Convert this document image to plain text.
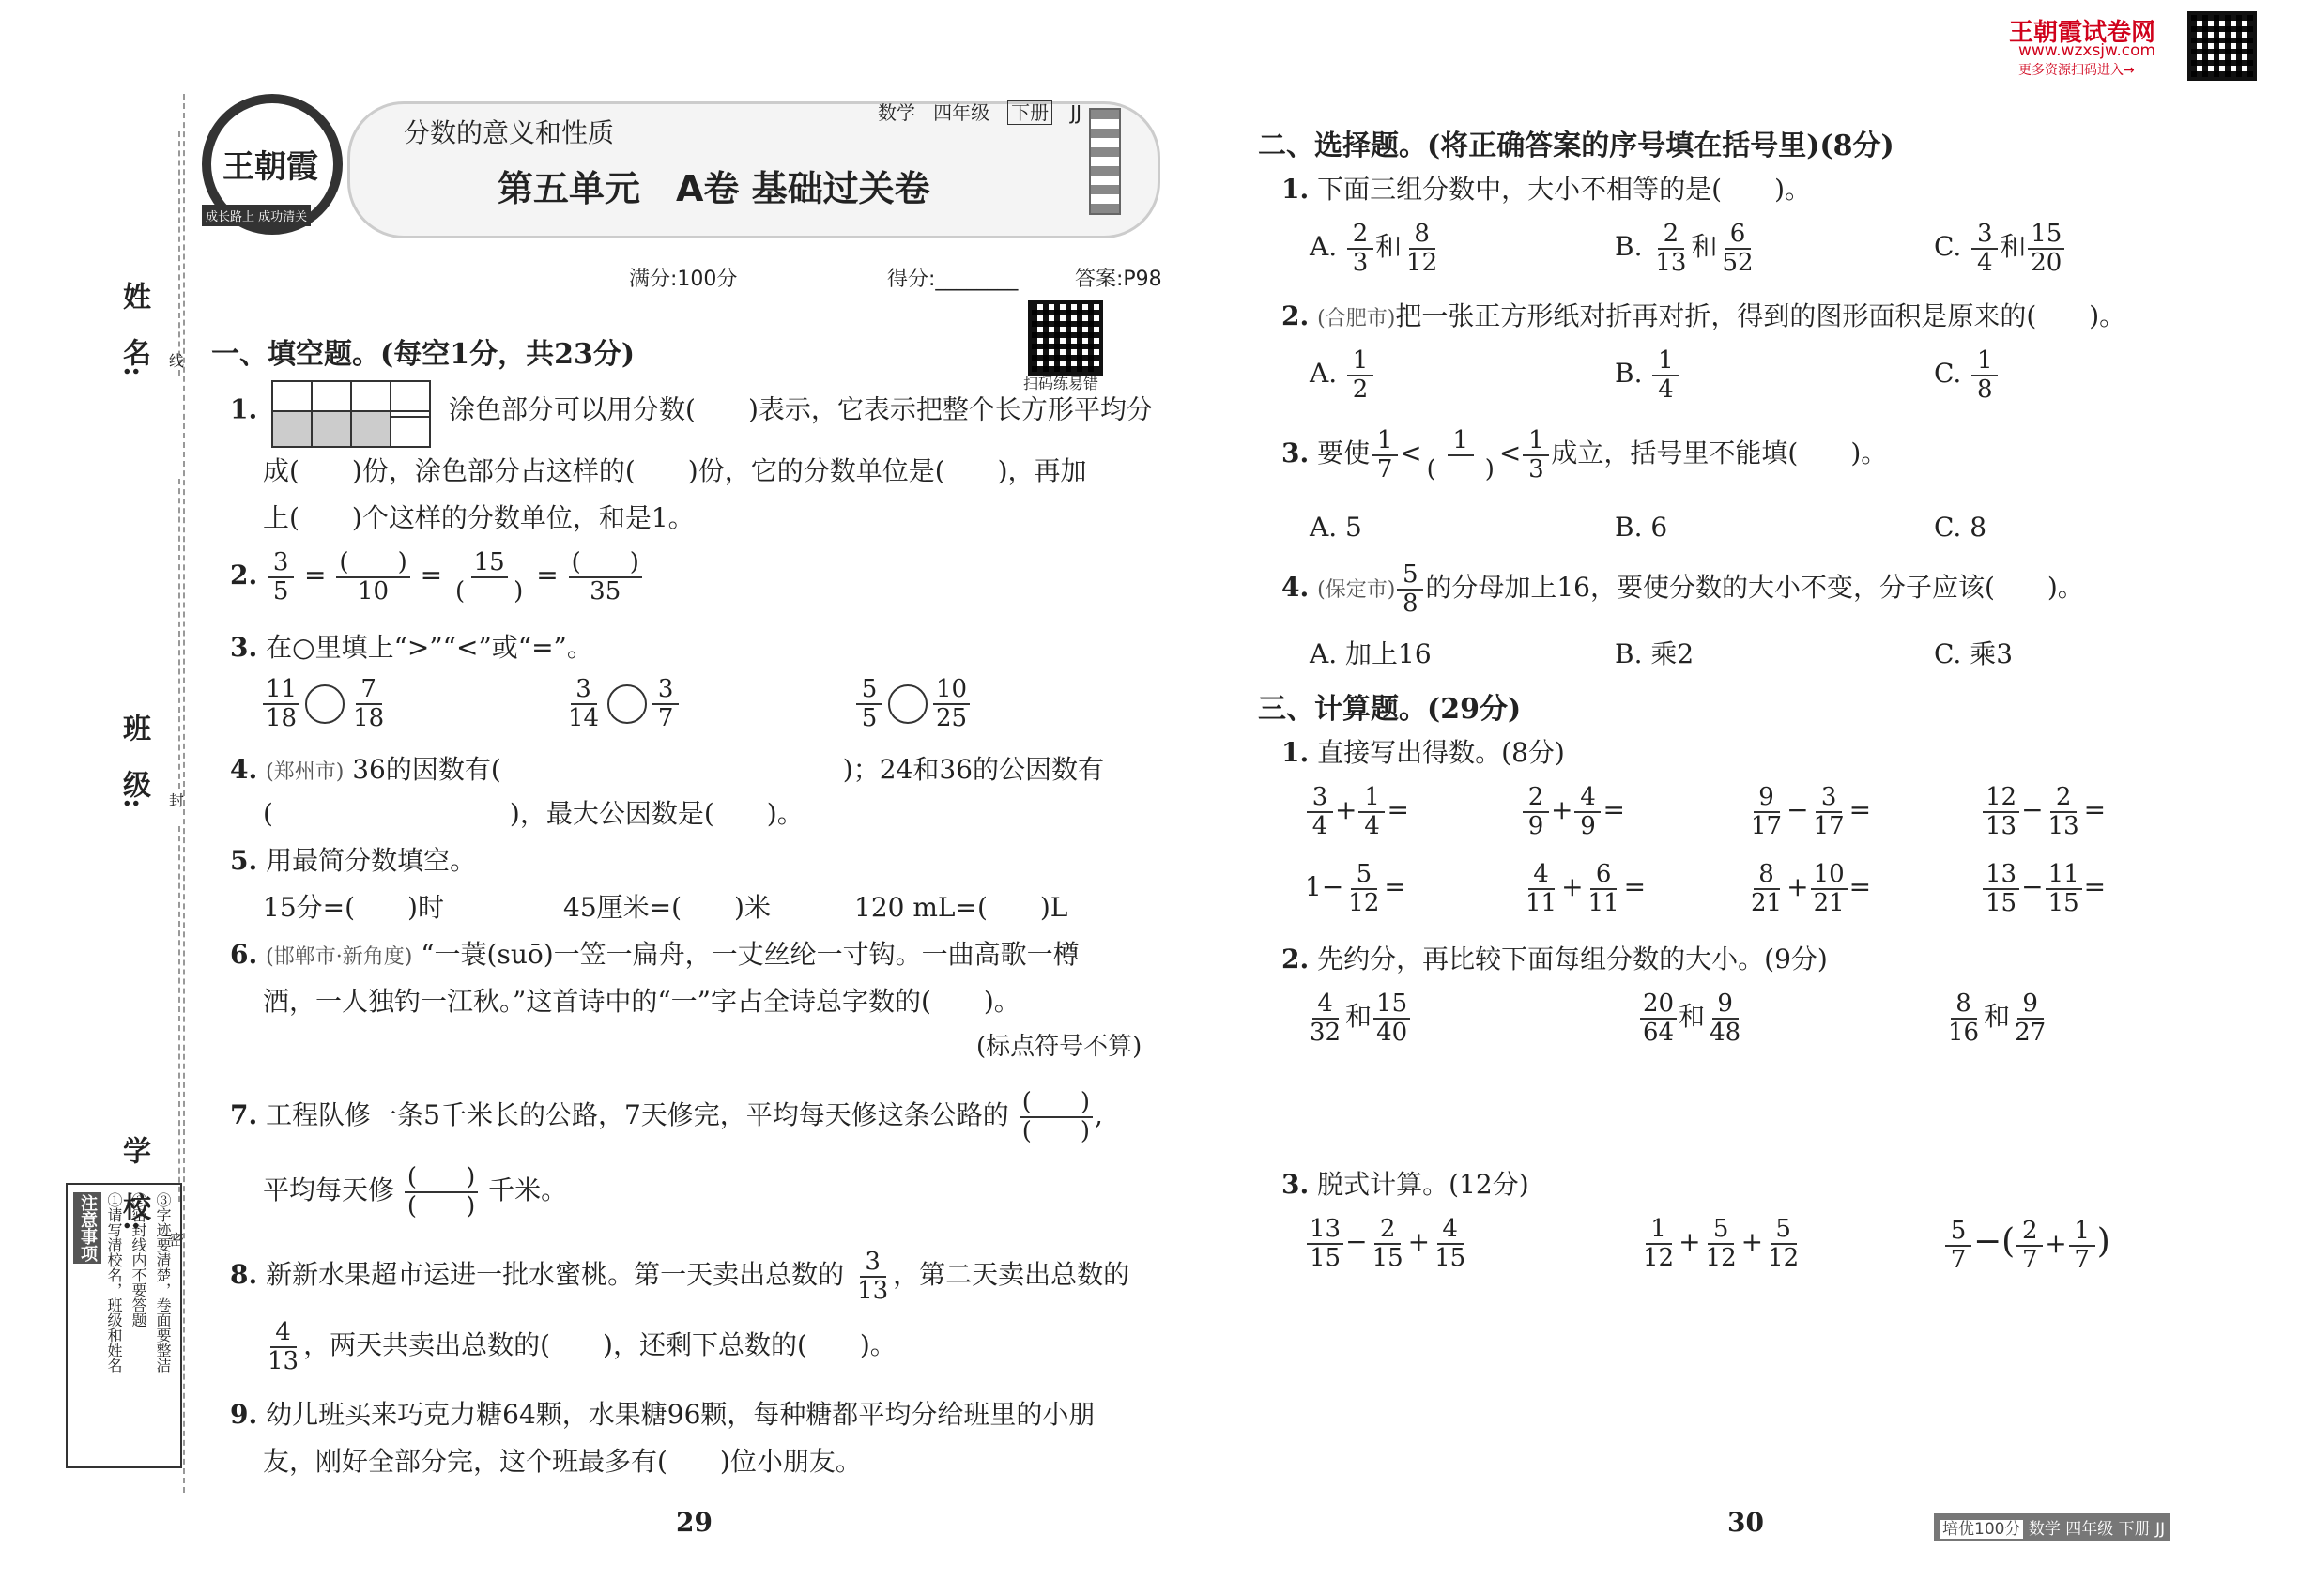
姓　名:
班　级:
学　校:
线
封
密
注意事项 ①请写清校名，班级和姓名 ②密封线内不要答题 ③字迹要清楚，卷面要整洁
王朝霞
成长路上 成功清关
分数的意义和性质
数学 四年级 下册 JJ
第五单元　A卷 基础过关卷
满分:100分	得分:________	答案:P98
扫码练易错
王朝霞试卷网
www.wzxsjw.com
更多资源扫码进入→
一、填空题。(每空1分，共23分)
1.	涂色部分可以用分数(　　)表示，它表示把整个长方形平均分
成(　　)份，涂色部分占这样的(　　)份，它的分数单位是(　　)，再加
上(　　)个这样的分数单位，和是1。
2. $\frac{3}{5} = \frac{( )}{10} = \frac{15}{( )} = \frac{( )}{35}$
3. 在○里填上“>”“<”或“=”。
$\frac{11}{18} \frac{7}{18}$	$\frac{3}{14} \frac{3}{7}$	$\frac{5}{5} \frac{10}{25}$
4. (郑州市) 36的因数有(　　　　　　　　　　　　　)；24和36的公因数有
(　　　　　　　　　)，最大公因数是(　　)。
5. 用最简分数填空。
15分=(　　)时	45厘米=(　　)米	120 mL=(　　)L
6. (邯郸市·新角度) “一蓑(suō)一笠一扁舟，一丈丝纶一寸钩。一曲高歌一樽
酒，一人独钓一江秋。”这首诗中的“一”字占全诗总字数的(　　)。
(标点符号不算)
7. 工程队修一条5千米长的公路，7天修完，平均每天修这条公路的 $\frac{( )}{( )}$ ,
平均每天修 $\frac{( )}{( )}$ 千米。
8. 新新水果超市运进一批水蜜桃。第一天卖出总数的 $\frac{3}{13}$ ，第二天卖出总数的
$\frac{4}{13}$ ，两天共卖出总数的(　　)，还剩下总数的(　　)。
9. 幼儿班买来巧克力糖64颗，水果糖96颗，每种糖都平均分给班里的小朋
友，刚好全部分完，这个班最多有(　　)位小朋友。
29
二、选择题。(将正确答案的序号填在括号里)(8分)
1. 下面三组分数中，大小不相等的是(　　)。
A. $\frac{2}{3}$ 和 $\frac{8}{12}$	B. $\frac{2}{13}$ 和 $\frac{6}{52}$	C. $\frac{3}{4}$ 和 $\frac{15}{20}$
2. (合肥市)把一张正方形纸对折再对折，得到的图形面积是原来的(　　)。
A. $\frac{1}{2}$	B. $\frac{1}{4}$	C. $\frac{1}{8}$
3. 要使 $\frac{1}{7} < \frac{1}{( )} < \frac{1}{3}$ 成立，括号里不能填(　　)。
A. 5	B. 6	C. 8
4. (保定市) $\frac{5}{8}$ 的分母加上16，要使分数的大小不变，分子应该(　　)。
A. 加上16	B. 乘2	C. 乘3
三、计算题。(29分)
1. 直接写出得数。(8分)
$\frac{3}{4} + \frac{1}{4}$ =	$\frac{2}{9} + \frac{4}{9}$ =	$\frac{9}{17} - \frac{3}{17}$ =	$\frac{12}{13} - \frac{2}{13}$ =
$1- \frac{5}{12}$ =	$\frac{4}{11} + \frac{6}{11}$ =	$\frac{8}{21} + \frac{10}{21}$ =	$\frac{13}{15} - \frac{11}{15}$ =
2. 先约分，再比较下面每组分数的大小。(9分)
$\frac{4}{32}$ 和 $\frac{15}{40}$	$\frac{20}{64}$ 和 $\frac{9}{48}$	$\frac{8}{16}$ 和 $\frac{9}{27}$
3. 脱式计算。(12分)
$\frac{13}{15} - \frac{2}{15} + \frac{4}{15}$	$\frac{1}{12} + \frac{5}{12} + \frac{5}{12}$	$\frac{5}{7}$ −( $\frac{2}{7} + \frac{1}{7}$ )
30	培优100分 数学 四年级 下册 JJ
